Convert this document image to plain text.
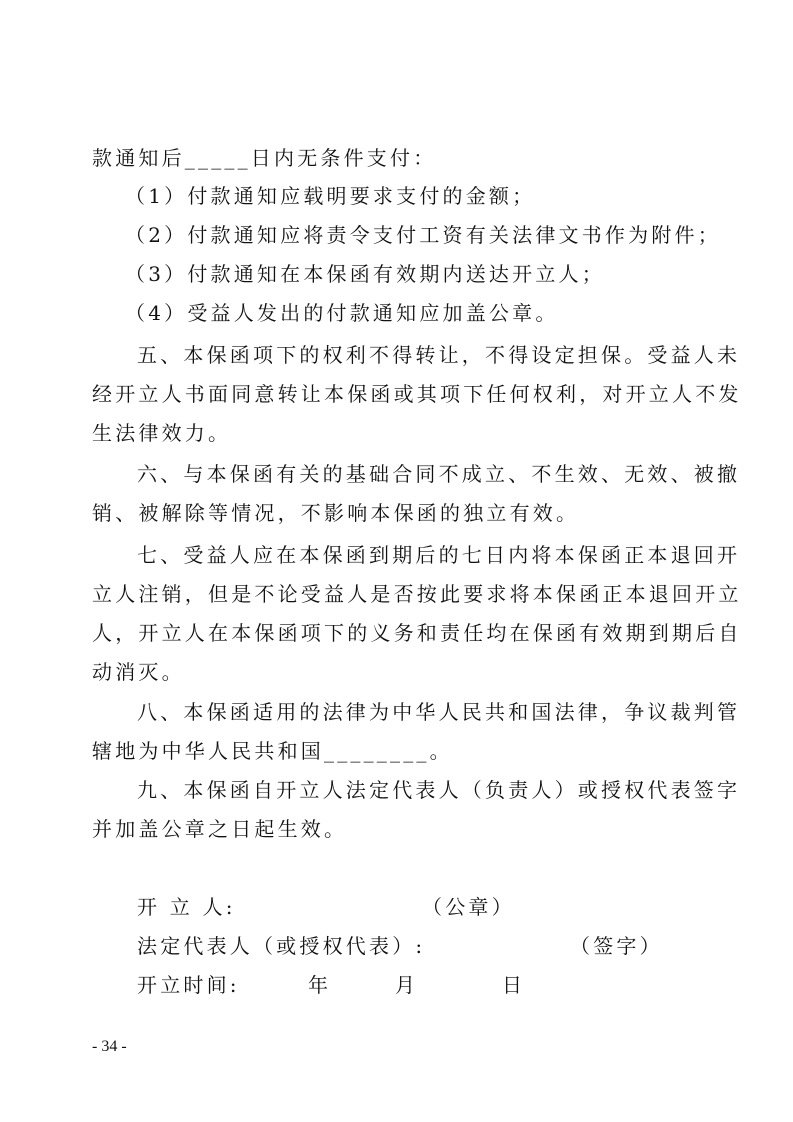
款通知后_____日内无条件支付：
（1）付款通知应载明要求支付的金额；
（2）付款通知应将责令支付工资有关法律文书作为附件；
（3）付款通知在本保函有效期内送达开立人；
（4）受益人发出的付款通知应加盖公章。
五、本保函项下的权利不得转让，不得设定担保。受益人未
经开立人书面同意转让本保函或其项下任何权利，对开立人不发
生法律效力。
六、与本保函有关的基础合同不成立、不生效、无效、被撤
销、被解除等情况，不影响本保函的独立有效。
七、受益人应在本保函到期后的七日内将本保函正本退回开
立人注销，但是不论受益人是否按此要求将本保函正本退回开立
人，开立人在本保函项下的义务和责任均在保函有效期到期后自
动消灭。
八、本保函适用的法律为中华人民共和国法律，争议裁判管
辖地为中华人民共和国________。
九、本保函自开立人法定代表人（负责人）或授权代表签字
并加盖公章之日起生效。
开 立 人:	（公章）
法定代表人（或授权代表）:	（签字）
开立时间:	年	月	日
- 34 -
